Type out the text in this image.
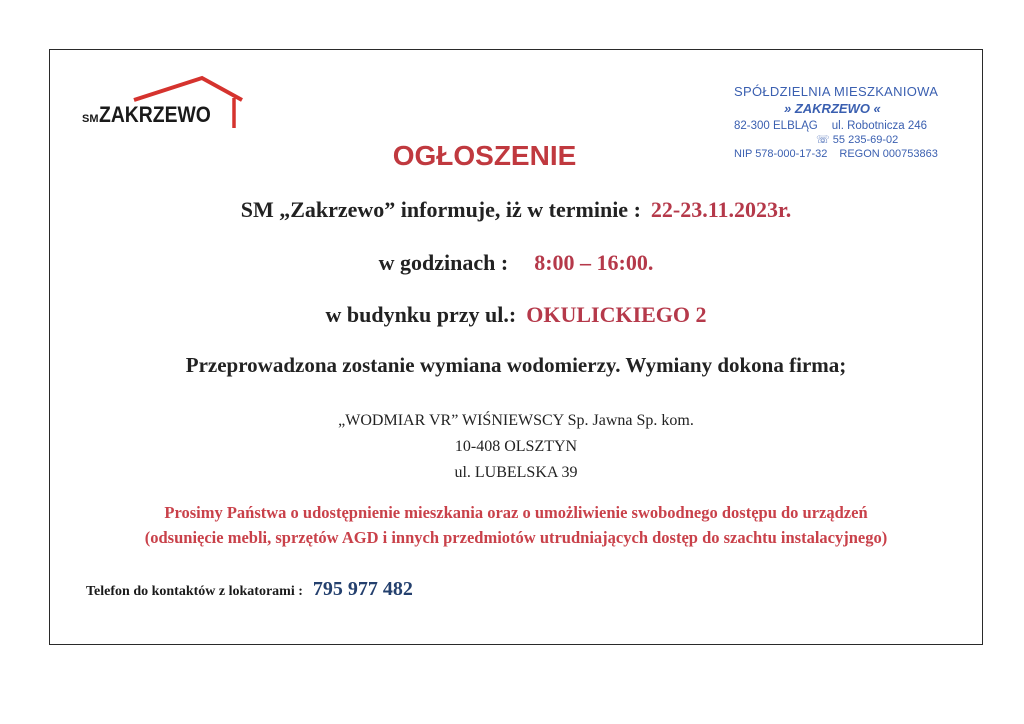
SMZAKRZEWO
SPÓŁDZIELNIA MIESZKANIOWA
» ZAKRZEWO «
82-300 ELBLĄG ul. Robotnicza 246
☏ 55 235-69-02
NIP 578-000-17-32 REGON 000753863
OGŁOSZENIE
SM „Zakrzewo” informuje, iż w terminie : 22-23.11.2023r.
w godzinach : 8:00 – 16:00.
w budynku przy ul.: OKULICKIEGO 2
Przeprowadzona zostanie wymiana wodomierzy. Wymiany dokona firma;
„WODMIAR VR” WIŚNIEWSCY Sp. Jawna Sp. kom.
10-408 OLSZTYN
ul. LUBELSKA 39
Prosimy Państwa o udostępnienie mieszkania oraz o umożliwienie swobodnego dostępu do urządzeń
(odsunięcie mebli, sprzętów AGD i innych przedmiotów utrudniających dostęp do szachtu instalacyjnego)
Telefon do kontaktów z lokatorami : 795 977 482
